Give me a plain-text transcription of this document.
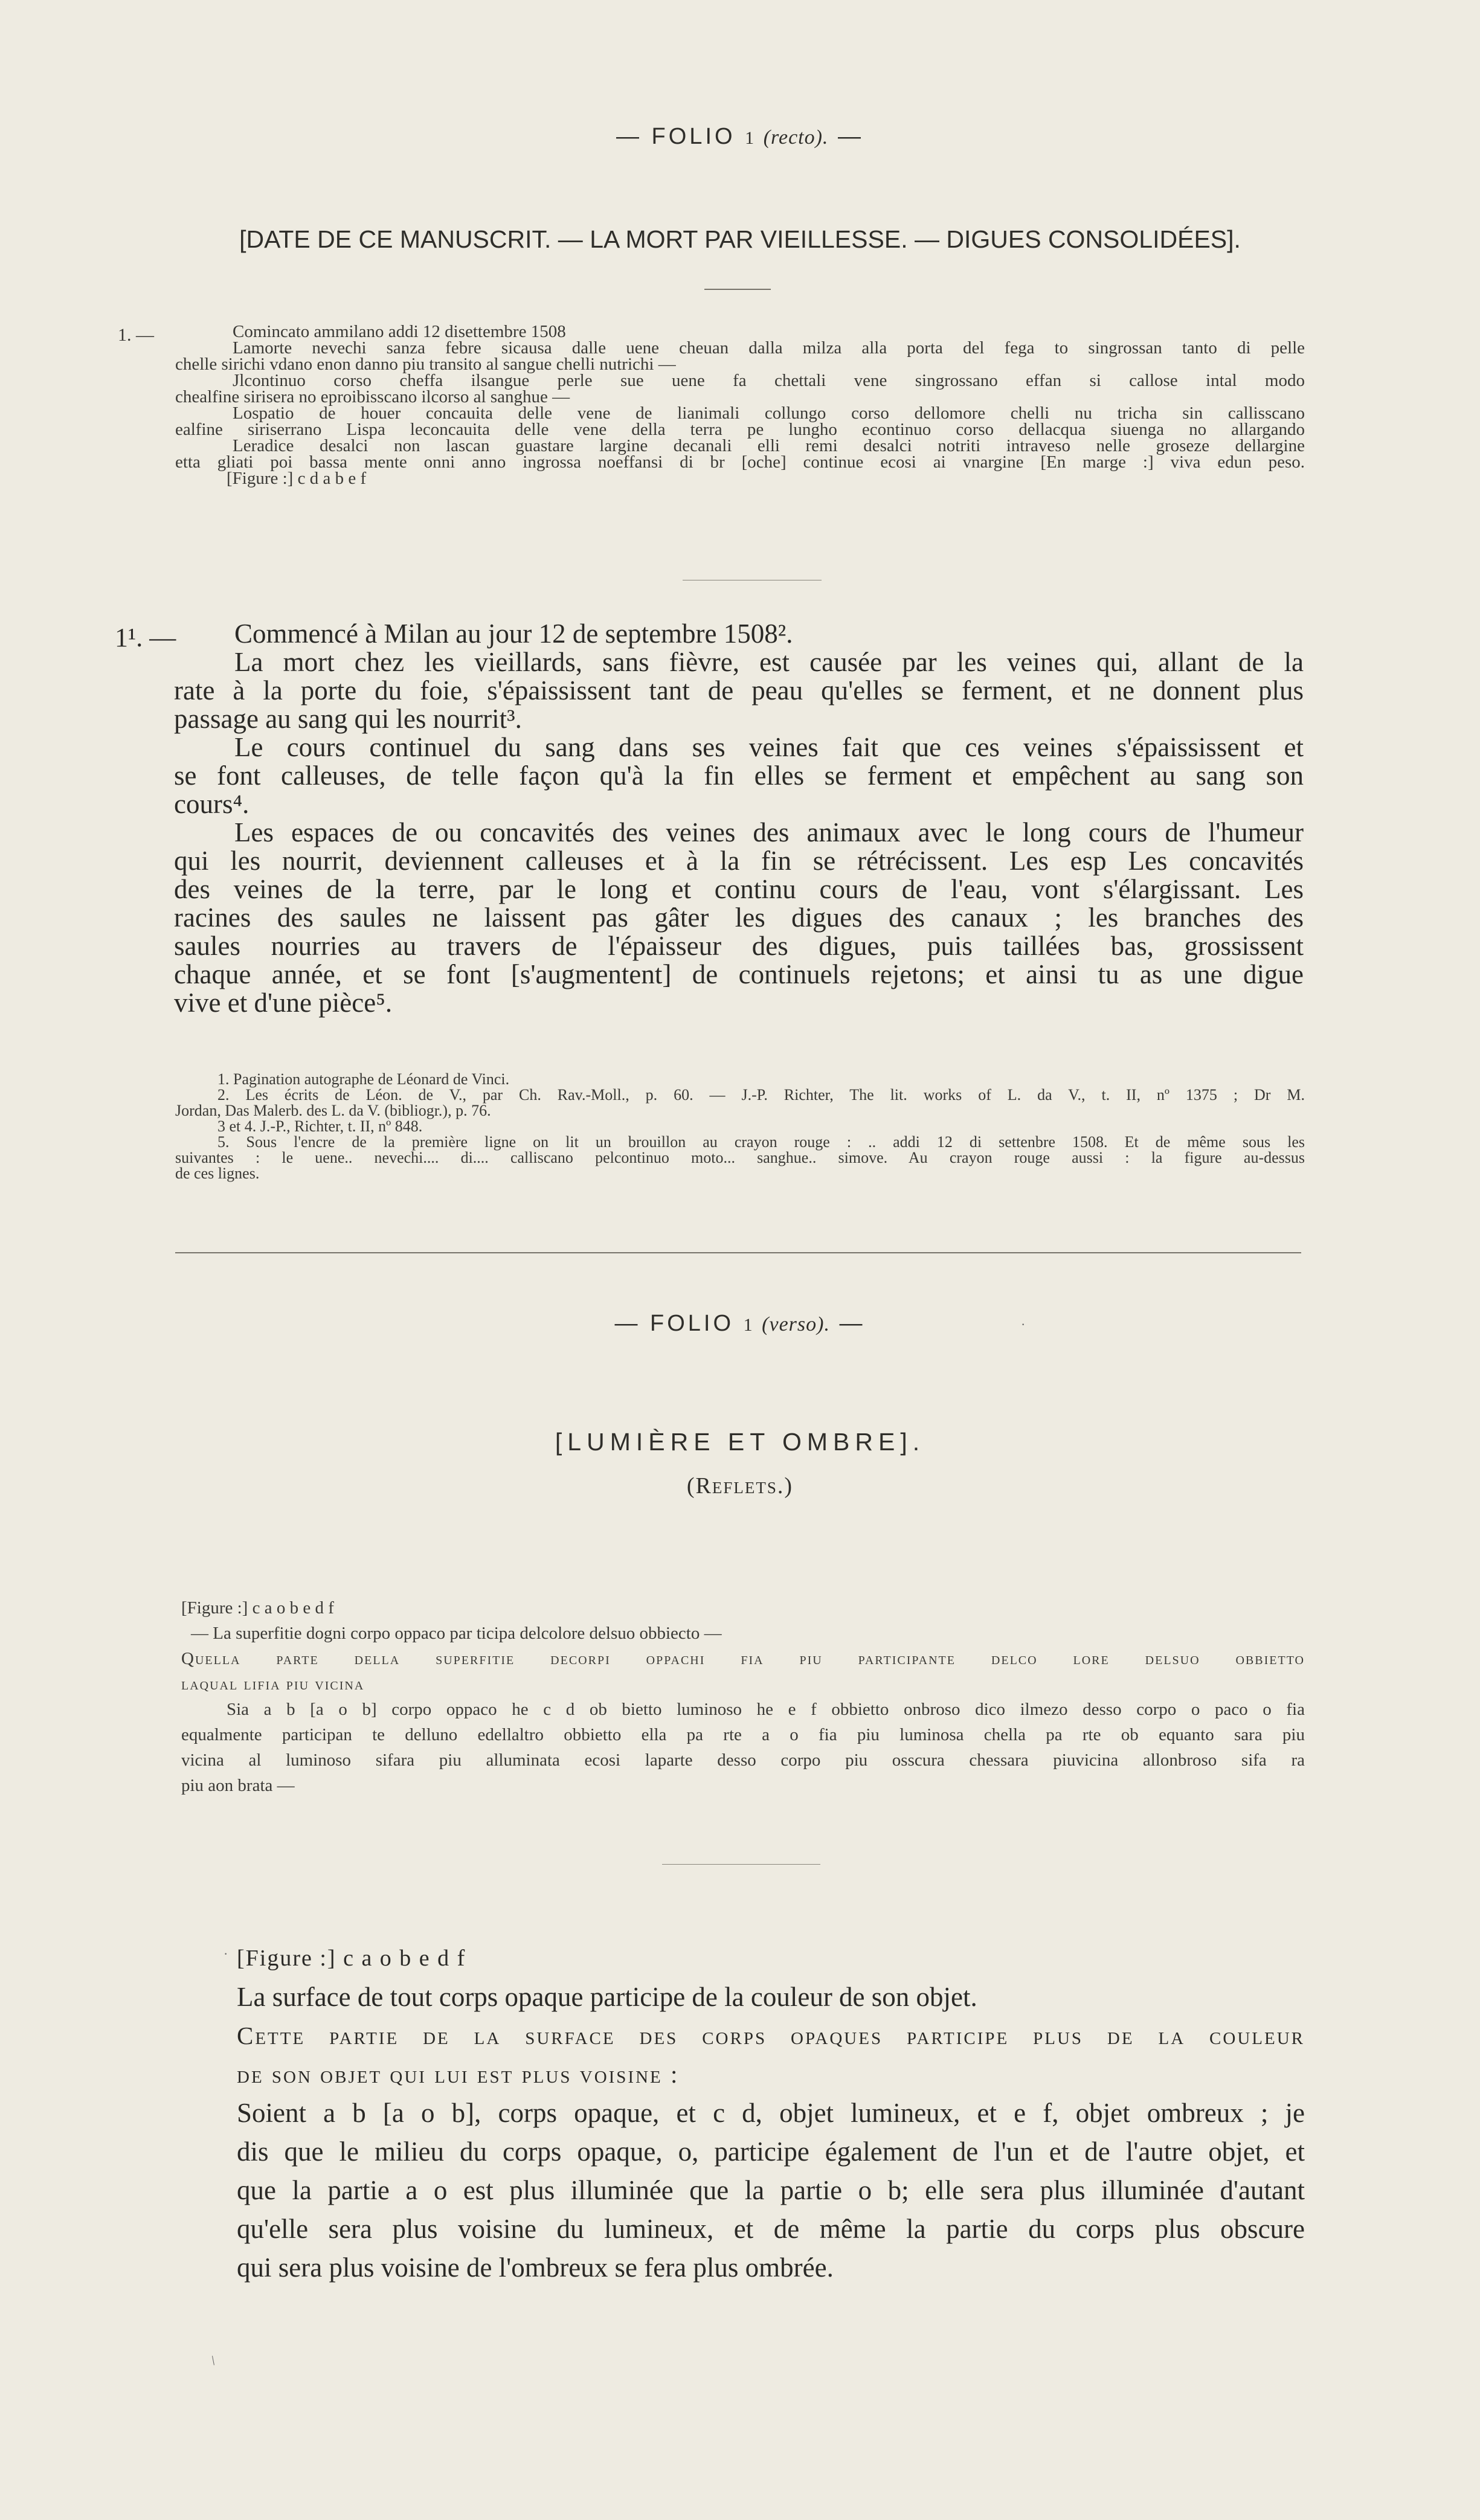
— FOLIO 1 (recto). —
[DATE DE CE MANUSCRIT. — LA MORT PAR VIEILLESSE. — DIGUES CONSOLIDÉES].
1. —	Comincato ammilano addi 12 disettembre 1508
Lamorte nevechi sanza febre sicausa dalle uene cheuan dalla milza alla porta del fega to singrossan tanto di pelle
chelle sirichi vdano enon danno piu transito al sangue chelli nutrichi —
Jlcontinuo corso cheffa ilsangue perle sue uene fa chettali vene singrossano effan si callose intal modo
chealfine sirisera no eproibisscano ilcorso al sanghue —
Lospatio de houer concauita delle vene de lianimali collungo corso dellomore chelli nu tricha sin callisscano
ealfine siriserrano Lispa leconcauita delle vene della terra pe lungho econtinuo corso dellacqua siuenga no allargando
Leradice desalci non lascan guastare largine decanali elli remi desalci notriti intraveso nelle groseze dellargine
etta gliati poi bassa mente onni anno ingrossa noeffansi di br [oche] continue ecosi ai vnargine [En marge :] viva edun peso.
[Figure :] c d a b e f
1¹. —	Commencé à Milan au jour 12 de septembre 1508².
La mort chez les vieillards, sans fièvre, est causée par les veines qui, allant de la
rate à la porte du foie, s'épaississent tant de peau qu'elles se ferment, et ne donnent plus
passage au sang qui les nourrit³.
Le cours continuel du sang dans ses veines fait que ces veines s'épaississent et
se font calleuses, de telle façon qu'à la fin elles se ferment et empêchent au sang son
cours⁴.
Les espaces de ou concavités des veines des animaux avec le long cours de l'humeur
qui les nourrit, deviennent calleuses et à la fin se rétrécissent. Les esp Les concavités
des veines de la terre, par le long et continu cours de l'eau, vont s'élargissant. Les
racines des saules ne laissent pas gâter les digues des canaux ; les branches des
saules nourries au travers de l'épaisseur des digues, puis taillées bas, grossissent
chaque année, et se font [s'augmentent] de continuels rejetons; et ainsi tu as une digue
vive et d'une pièce⁵.
1. Pagination autographe de Léonard de Vinci.
2. Les écrits de Léon. de V., par Ch. Rav.-Moll., p. 60. — J.-P. Richter, The lit. works of L. da V., t. II, nº 1375 ; Dr M.
Jordan, Das Malerb. des L. da V. (bibliogr.), p. 76.
3 et 4. J.-P., Richter, t. II, nº 848.
5. Sous l'encre de la première ligne on lit un brouillon au crayon rouge : .. addi 12 di settenbre 1508. Et de même sous les
suivantes : le uene.. nevechi.... di.... calliscano pelcontinuo moto... sanghue.. simove. Au crayon rouge aussi : la figure au-dessus
de ces lignes.
— FOLIO 1 (verso). —
[LUMIÈRE ET OMBRE].
(Reflets.)
[Figure :] c a o b e d f
— La superfitie dogni corpo oppaco par ticipa delcolore delsuo obbiecto —
Quella parte della superfitie decorpi oppachi fia piu participante delco lore delsuo obbietto
laqual lifia piu vicina
Sia a b [a o b] corpo oppaco he c d ob bietto luminoso he e f obbietto onbroso dico ilmezo desso corpo o paco o fia
equalmente participan te delluno edellaltro obbietto ella pa rte a o fia piu luminosa chella pa rte ob equanto sara piu
vicina al luminoso sifara piu alluminata ecosi laparte desso corpo piu osscura chessara piuvicina allonbroso sifa ra
piu aon brata —
[Figure :] c a o b e d f
La surface de tout corps opaque participe de la couleur de son objet.
Cette partie de la surface des corps opaques participe plus de la couleur
de son objet qui lui est plus voisine :
Soient a b [a o b], corps opaque, et c d, objet lumineux, et e f, objet ombreux ; je
dis que le milieu du corps opaque, o, participe également de l'un et de l'autre objet, et
que la partie a o est plus illuminée que la partie o b; elle sera plus illuminée d'autant
qu'elle sera plus voisine du lumineux, et de même la partie du corps plus obscure
qui sera plus voisine de l'ombreux se fera plus ombrée.
·
·
/
